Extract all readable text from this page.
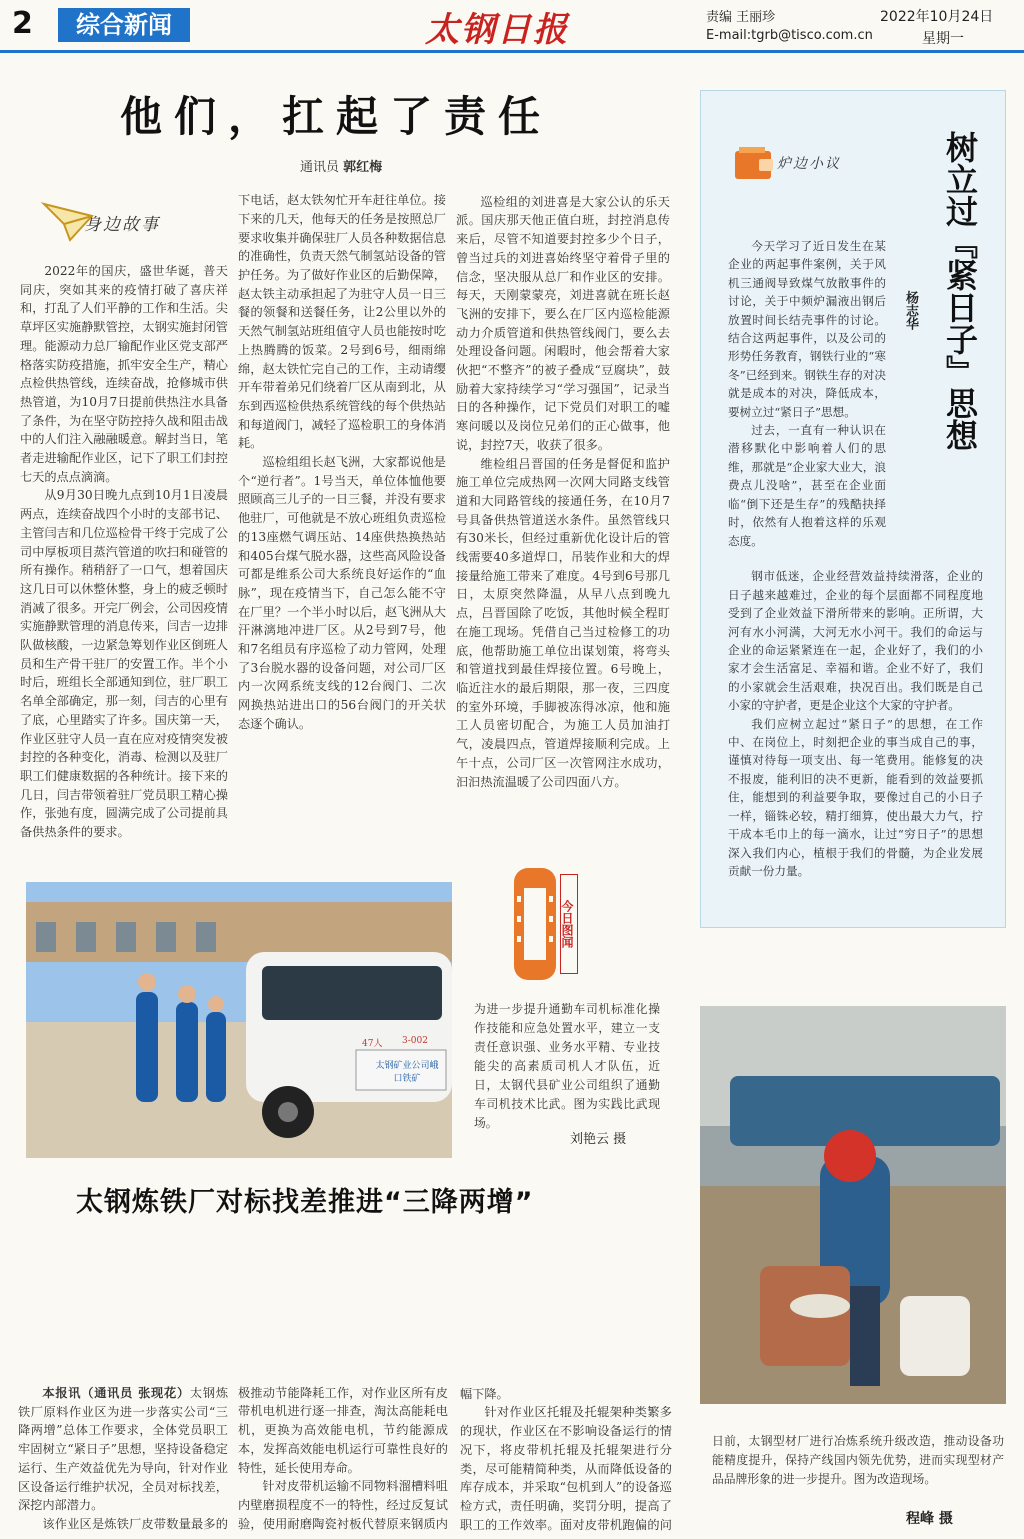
2	综合新闻	太钢日报	责编 王丽珍
E-mail:tgrb@tisco.com.cn
2022年10月24日
星期一
他们，扛起了责任
通讯员 郭红梅
身边故事

2022年的国庆，盛世华诞，普天同庆，突如其来的疫情打破了喜庆祥和，打乱了人们平静的工作和生活。尖草坪区实施静默管控，太钢实施封闭管理。能源动力总厂输配作业区党支部严格落实防疫措施，抓牢安全生产，精心点检供热管线，连续奋战，抢修城市供热管道，为10月7日提前供热注水具备了条件，为在坚守防控持久战和阻击战中的人们注入融融暖意。解封当日，笔者走进输配作业区，记下了职工们封控七天的点点滴滴。

从9月30日晚九点到10月1日凌晨两点，连续奋战四个小时的支部书记、主管闫吉和几位巡检骨干终于完成了公司中厚板项目蒸汽管道的吹扫和碰管的所有操作。稍稍舒了一口气，想着国庆这几日可以休整休整，身上的疲乏顿时消减了很多。开完厂例会，公司因疫情实施静默管理的消息传来，闫吉一边排队做核酸，一边紧急筹划作业区倒班人员和生产骨干驻厂的安置工作。半个小时后，班组长全部通知到位，驻厂职工名单全部确定，那一刻，闫吉的心里有了底，心里踏实了许多。国庆第一天，作业区驻守人员一直在应对疫情突发被封控的各种变化，消毒、检测以及驻厂职工们健康数据的各种统计。接下来的几日，闫吉带领着驻厂党员职工精心操作，张弛有度，圆满完成了公司提前具备供热条件的要求。

下电话，赵太铁匆忙开车赶往单位。接下来的几天，他每天的任务是按照总厂要求收集并确保驻厂人员各种数据信息的准确性，负责天然气制氢站设备的管护任务。为了做好作业区的后勤保障，赵太铁主动承担起了为驻守人员一日三餐的领餐和送餐任务，让2公里以外的天然气制氢站班组值守人员也能按时吃上热腾腾的饭菜。2号到6号，细雨绵绵，赵太铁忙完自己的工作，主动请缨开车带着弟兄们绕着厂区从南到北，从东到西巡检供热系统管线的每个供热站和每道阀门，减轻了巡检职工的身体消耗。

巡检组组长赵飞洲，大家都说他是个“逆行者”。1号当天，单位体恤他要照顾高三儿子的一日三餐，并没有要求他驻厂，可他就是不放心班组负责巡检的13座燃气调压站、14座供热换热站和405台煤气脱水器，这些高风险设备可都是维系公司大系统良好运作的“血脉”，现在疫情当下，自己怎么能不守在厂里？一个半小时以后，赵飞洲从大汗淋漓地冲进厂区。从2号到7号，他和7名组员有序巡检了动力管网，处理了3台脱水器的设备问题，对公司厂区内一次网系统支线的12台阀门、二次网换热站进出口的56台阀门的开关状态逐个确认。

巡检组的刘进喜是大家公认的乐天派。国庆那天他正值白班，封控消息传来后，尽管不知道要封控多少个日子，曾当过兵的刘进喜始终坚守着骨子里的信念，坚决服从总厂和作业区的安排。每天，天刚蒙蒙亮，刘进喜就在班长赵飞洲的安排下，要么在厂区内巡检能源动力介质管道和供热管线阀门，要么去处理设备问题。闲暇时，他会帮着大家伙把“不整齐”的被子叠成“豆腐块”，鼓励着大家持续学习“学习强国”，记录当日的各种操作，记下党员们对职工的嘘寒问暖以及岗位兄弟们的正心做事，他说，封控7天，收获了很多。

维检组吕晋国的任务是督促和监护施工单位完成热网一次网大同路支线管道和大同路管线的接通任务，在10月7号具备供热管道送水条件。虽然管线只有30米长，但经过重新优化设计后的管线需要40多道焊口，吊装作业和大的焊接量给施工带来了难度。4号到6号那几日，太原突然降温，从早八点到晚九点，吕晋国除了吃饭，其他时候全程盯在施工现场。凭借自己当过检修工的功底，他帮助施工单位出谋划策，将弯头和管道找到最佳焊接位置。6号晚上，临近注水的最后期限，那一夜，三四度的室外环境，手脚被冻得冰凉，他和施工人员密切配合，为施工人员加油打气，凌晨四点，管道焊接顺利完成。上午十点，公司厂区一次管网注水成功，汩汩热流温暖了公司四面八方。

太钢矿业公司峨口铁矿
47人 3-002
今日图闻
为进一步提升通勤车司机标准化操作技能和应急处置水平，建立一支责任意识强、业务水平精、专业技能尖的高素质司机人才队伍，近日，太钢代县矿业公司组织了通勤车司机技术比武。图为实践比武现场。
刘艳云 摄
炉边小议	树立过『紧日子』思想
杨志华

今天学习了近日发生在某企业的两起事件案例，关于风机三通阀导致煤气放散事件的讨论，关于中频炉漏液出钢后放置时间长结壳事件的讨论。结合这两起事件，以及公司的形势任务教育，钢铁行业的“寒冬”已经到来。钢铁生存的对决就是成本的对决，降低成本，要树立过“紧日子”思想。

过去，一直有一种认识在潜移默化中影响着人们的思维，那就是“企业家大业大，浪费点儿没啥”，甚至在企业面临“倒下还是生存”的残酷抉择时，依然有人抱着这样的乐观态度。

钢市低迷，企业经营效益持续滑落，企业的日子越来越难过，企业的每个层面都不同程度地受到了企业效益下滑所带来的影响。正所谓，大河有水小河满，大河无水小河干。我们的命运与企业的命运紧紧连在一起，企业好了，我们的小家才会生活富足、幸福和谐。企业不好了，我们的小家就会生活艰难，抉况百出。我们既是自己小家的守护者，更是企业这个大家的守护者。

我们应树立起过“紧日子”的思想，在工作中、在岗位上，时刻把企业的事当成自己的事，谨慎对待每一项支出、每一笔费用。能修复的决不报废，能利旧的决不更新，能看到的效益要抓住，能想到的利益要争取，要像过自己的小日子一样，锱铢必较，精打细算，使出最大力气，拧干成本毛巾上的每一滴水，让过“穷日子”的思想深入我们内心，植根于我们的骨髓，为企业发展贡献一份力量。

日前，太钢型材厂进行冶炼系统升级改造，推动设备功能精度提升，保持产线国内领先优势，进而实现型材产品品牌形象的进一步提升。图为改造现场。
程峰 摄
太钢炼铁厂对标找差推进“三降两增”

本报讯（通讯员 张现花）太钢炼铁厂原料作业区为进一步落实公司“三降两增”总体工作要求，全体党员职工牢固树立“紧日子”思想，坚持设备稳定运行、生产效益优先为导向，针对作业区设备运行维护状况，全员对标找差，深挖内部潜力。

该作业区是炼铁厂皮带数量最多的

极推动节能降耗工作，对作业区所有皮带机电机进行逐一排查，淘汰高能耗电机，更换为高效能电机，节约能源成本，发挥高效能电机运行可靠性良好的特性，延长使用寿命。

针对皮带机运输不同物料溜槽料咀内壁磨损程度不一的特性，经过反复试验，使用耐磨陶瓷衬板代替原来钢质内

幅下降。

针对作业区托辊及托辊架种类繁多的现状，作业区在不影响设备运行的情况下，将皮带机托辊及托辊架进行分类，尽可能精简种类，从而降低设备的库存成本，并采取“包机到人”的设备巡检方式，责任明确，奖罚分明，提高了职工的工作效率。面对皮带机跑偏的问
